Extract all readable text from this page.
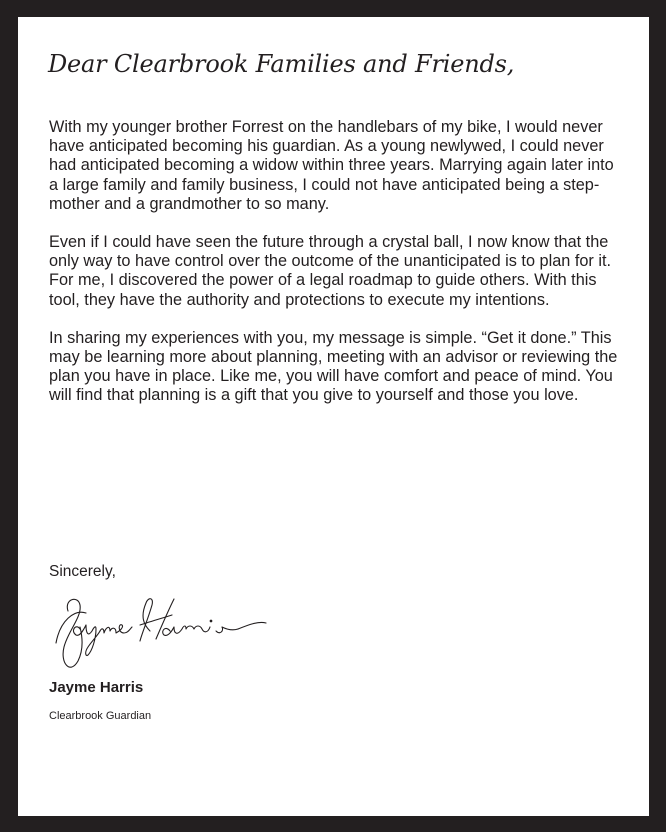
Dear Clearbrook Families and Friends,

With my younger brother Forrest on the handlebars of my bike, I would never have anticipated becoming his guardian. As a young newlywed, I could never had anticipated becoming a widow within three years. Marrying again later into a large family and family business, I could not have anticipated being a step-mother and a grandmother to so many.

Even if I could have seen the future through a crystal ball, I now know that the only way to have control over the outcome of the unanticipated is to plan for it. For me, I discovered the power of a legal roadmap to guide others. With this tool, they have the authority and protections to execute my intentions.

In sharing my experiences with you, my message is simple. “Get it done.” This may be learning more about planning, meeting with an advisor or reviewing the plan you have in place. Like me, you will have comfort and peace of mind. You will find that planning is a gift that you give to yourself and those you love.

Sincerely,

Jayme Harris

Clearbrook Guardian
